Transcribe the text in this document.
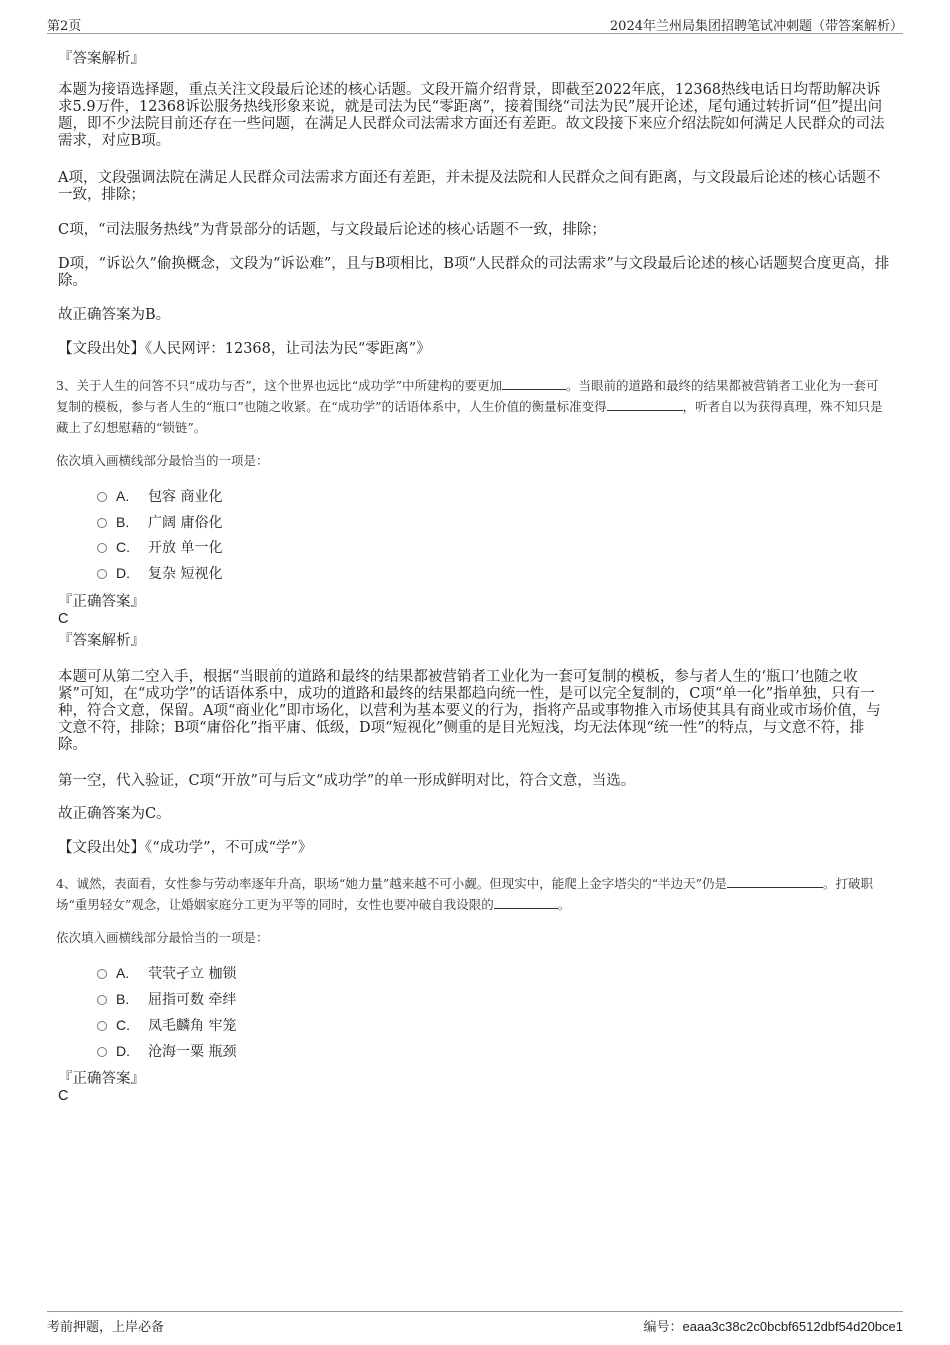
第2页	2024年兰州局集团招聘笔试冲刺题（带答案解析）
『答案解析』
本题为接语选择题，重点关注文段最后论述的核心话题。文段开篇介绍背景，即截至2022年底，12368热线电话日均帮助解决诉求5.9万件，12368诉讼服务热线形象来说，就是司法为民“零距离”，接着围绕“司法为民”展开论述，尾句通过转折词“但”提出问题，即不少法院目前还存在一些问题，在满足人民群众司法需求方面还有差距。故文段接下来应介绍法院如何满足人民群众的司法需求，对应B项。
A项，文段强调法院在满足人民群众司法需求方面还有差距，并未提及法院和人民群众之间有距离，与文段最后论述的核心话题不一致，排除；
C项，“司法服务热线”为背景部分的话题，与文段最后论述的核心话题不一致，排除；
D项，“诉讼久”偷换概念，文段为“诉讼难”，且与B项相比，B项“人民群众的司法需求”与文段最后论述的核心话题契合度更高，排除。
故正确答案为B。
【文段出处】《人民网评：12368，让司法为民“零距离”》
3、关于人生的问答不只“成功与否”，这个世界也远比“成功学”中所建构的要更加	。当眼前的道路和最终的结果都被营销者工业化为一套可复制的模板，参与者人生的“瓶口”也随之收紧。在“成功学”的话语体系中，人生价值的衡量标准变得	，听者自以为获得真理，殊不知只是藏上了幻想慰藉的“锁链”。
依次填入画横线部分最恰当的一项是：
A. 包容 商业化
B. 广阔 庸俗化
C. 开放 单一化
D. 复杂 短视化
『正确答案』
C
『答案解析』
本题可从第二空入手，根据“当眼前的道路和最终的结果都被营销者工业化为一套可复制的模板，参与者人生的‘瓶口’也随之收紧”可知，在“成功学”的话语体系中，成功的道路和最终的结果都趋向统一性，是可以完全复制的，C项“单一化”指单独，只有一种，符合文意，保留。A项“商业化”即市场化，以营利为基本要义的行为，指将产品或事物推入市场使其具有商业或市场价值，与文意不符，排除；B项“庸俗化”指平庸、低级，D项“短视化”侧重的是目光短浅，均无法体现“统一性”的特点，与文意不符，排除。
第一空，代入验证，C项“开放”可与后文“成功学”的单一形成鲜明对比，符合文意，当选。
故正确答案为C。
【文段出处】《“成功学”，不可成“学”》
4、诚然，表面看，女性参与劳动率逐年升高，职场“她力量”越来越不可小觑。但现实中，能爬上金字塔尖的“半边天”仍是	。打破职场“重男轻女”观念，让婚姻家庭分工更为平等的同时，女性也要冲破自我设限的	。
依次填入画横线部分最恰当的一项是：
A. 茕茕孑立 枷锁
B. 屈指可数 牵绊
C. 凤毛麟角 牢笼
D. 沧海一粟 瓶颈
『正确答案』
C
考前押题，上岸必备	编号：eaaa3c38c2c0bcbf6512dbf54d20bce1
